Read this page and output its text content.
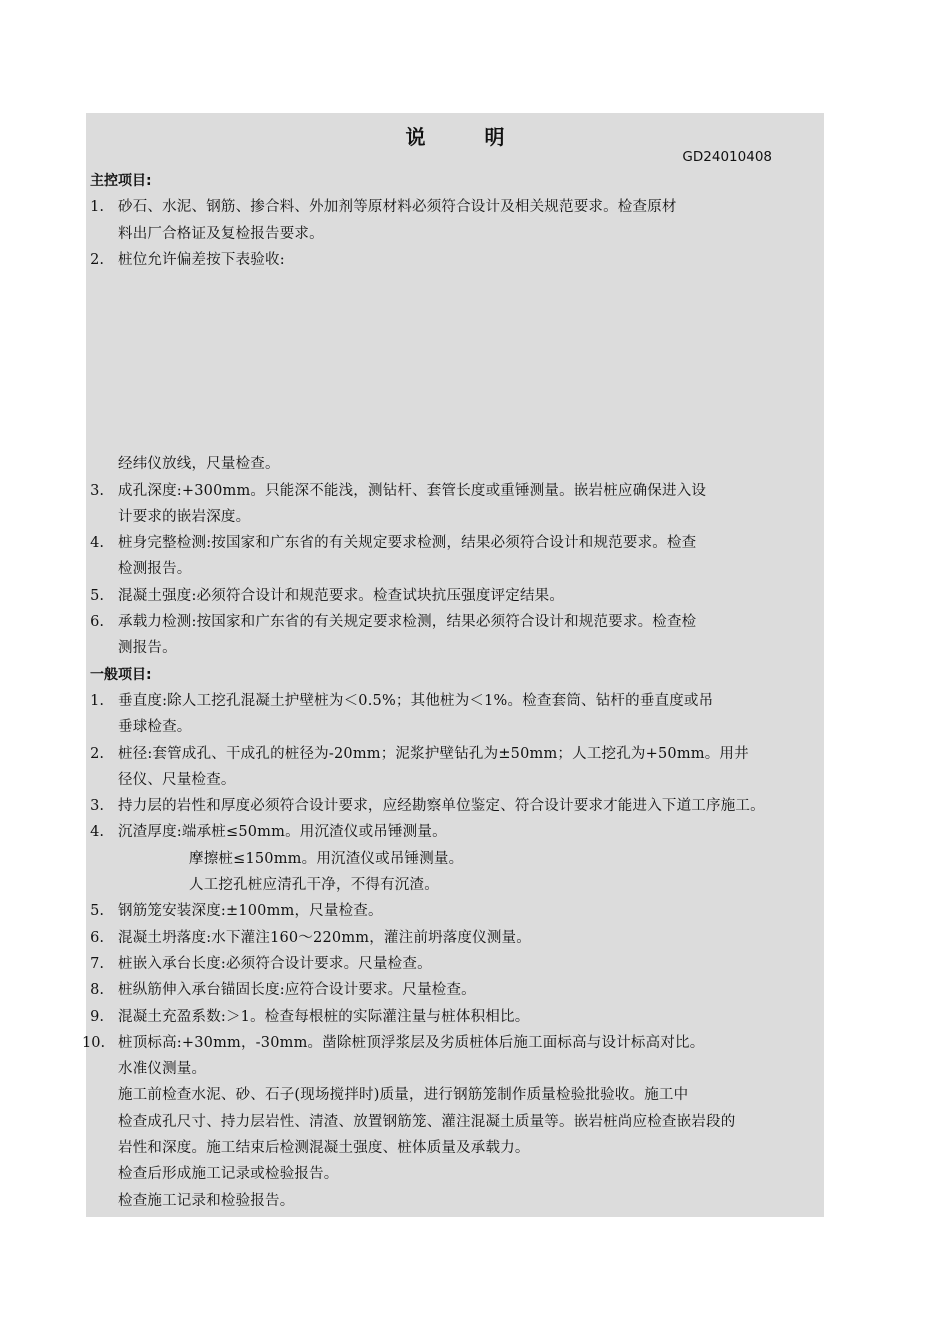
说 明
GD24010408
主控项目:
1. 砂石、水泥、钢筋、掺合料、外加剂等原材料必须符合设计及相关规范要求。检查原材
料出厂合格证及复检报告要求。
2. 桩位允许偏差按下表验收:
经纬仪放线，尺量检查。
3. 成孔深度:+300mm。只能深不能浅，测钻杆、套管长度或重锤测量。嵌岩桩应确保进入设
计要求的嵌岩深度。
4. 桩身完整检测:按国家和广东省的有关规定要求检测，结果必须符合设计和规范要求。检查
检测报告。
5. 混凝土强度:必须符合设计和规范要求。检查试块抗压强度评定结果。
6. 承载力检测:按国家和广东省的有关规定要求检测，结果必须符合设计和规范要求。检查检
测报告。
一般项目:
1. 垂直度:除人工挖孔混凝土护壁桩为＜0.5%；其他桩为＜1%。检查套筒、钻杆的垂直度或吊
垂球检查。
2. 桩径:套管成孔、干成孔的桩径为-20mm；泥浆护壁钻孔为±50mm；人工挖孔为+50mm。用井
径仪、尺量检查。
3. 持力层的岩性和厚度必须符合设计要求，应经勘察单位鉴定、符合设计要求才能进入下道工序施工。
4. 沉渣厚度:端承桩≤50mm。用沉渣仪或吊锤测量。
摩擦桩≤150mm。用沉渣仪或吊锤测量。
人工挖孔桩应清孔干净，不得有沉渣。
5. 钢筋笼安装深度:±100mm，尺量检查。
6. 混凝土坍落度:水下灌注160～220mm，灌注前坍落度仪测量。
7. 桩嵌入承台长度:必须符合设计要求。尺量检查。
8. 桩纵筋伸入承台锚固长度:应符合设计要求。尺量检查。
9. 混凝土充盈系数:＞1。检查每根桩的实际灌注量与桩体积相比。
10. 桩顶标高:+30mm，-30mm。凿除桩顶浮浆层及劣质桩体后施工面标高与设计标高对比。
水准仪测量。
施工前检查水泥、砂、石子(现场搅拌时)质量，进行钢筋笼制作质量检验批验收。施工中
检查成孔尺寸、持力层岩性、清渣、放置钢筋笼、灌注混凝土质量等。嵌岩桩尚应检查嵌岩段的
岩性和深度。施工结束后检测混凝土强度、桩体质量及承载力。
检查后形成施工记录或检验报告。
检查施工记录和检验报告。
